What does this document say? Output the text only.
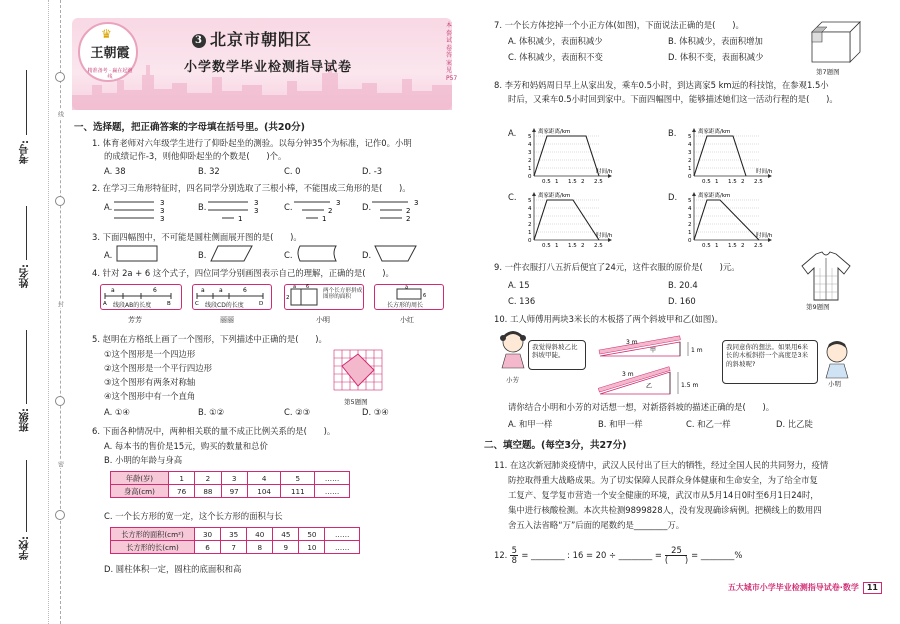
线
封
密
考号:
姓名:
班级:
学校:
本套试卷答案见P57
♛
王朝霞
精准备考 · 赢在起跑线
3 北京市朝阳区
小学数学毕业检测指导试卷
一、选择题，把正确答案的字母填在括号里。(共20分)
1. 体育老师对六年级学生进行了仰卧起坐的测验。以每分钟35个为标准，记作0。小明
的成绩记作-3，则他仰卧起坐的个数是(　　)个。
A. 38	B. 32	C. 0	D. -3
2. 在学习三角形特征时，四名同学分别选取了三根小棒，不能围成三角形的是(　　)。
A.	3
3
3
B.	3
3
1
C.	3
2
1
D.	3
2
2
3. 下面四幅图中，不可能是圆柱侧面展开图的是(　　)。
A.	B.	C.	D.
4. 针对 2a + 6 这个式子，四位同学分别画图表示自己的理解，正确的是(　　)。
a	6
A	B
线段AB的长度
a a	6
C	D
线段CD的长度
2
a 6
两个长方形拼成图形的面积
a
6
长方形的周长
芳芳	丽丽	小明	小红
5. 赵明在方格纸上画了一个图形，下列描述中正确的是(　　)。
①这个图形是一个四边形
②这个图形是一个平行四边形
③这个图形有两条对称轴
④这个图形中有一个直角
A. ①④	B. ①②	C. ②③	D. ③④
第5题图
6. 下面各种情况中，两种相关联的量不成正比例关系的是(　　)。
A. 每本书的售价是15元，购买的数量和总价
B. 小明的年龄与身高
年龄(岁)	1	2	3	4	5	……
身高(cm)	76	88	97	104	111	……
C. 一个长方形的宽一定，这个长方形的面积与长
长方形的面积(cm²)	30	35	40	45	50	……
长方形的长(cm)	6	7	8	9	10	……
D. 圆柱体积一定，圆柱的底面积和高
7. 一个长方体挖掉一个小正方体(如图)，下面说法正确的是(　　)。
A. 体积减少，表面积减少	B. 体积减少，表面积增加
C. 体积减少，表面积不变	D. 体积不变，表面积减少
第7题图
8. 李芳和妈妈周日早上从家出发，乘车0.5小时，到达离家5 km远的科技馆，在参观1.5小
时后，又乘车0.5小时回到家中。下面四幅图中，能够描述她们这一活动行程的是(　　)。
A. 5
4
3
2
1
0
0.5 1 1.5 2 2.5
离家距离/km
时间/h
B. 5
4
3
2
1
0
0.5 1 1.5 2 2.5
离家距离/km
时间/h
C. 5
4
3
2
1
0
0.5 1 1.5 2 2.5
离家距离/km
时间/h
D. 5
4
3
2
1
0
0.5 1 1.5 2 2.5
离家距离/km
时间/h
9. 一件衣服打八五折后便宜了24元，这件衣服的原价是(　　)元。
A. 15	B. 20.4
C. 136	D. 160
第9题图
10. 工人师傅用两块3米长的木板搭了两个斜坡甲和乙(如图)。
我觉得斜坡乙比斜坡甲陡。
小芳
3 m
甲	1 m
3 m
乙	1.5 m
我同意你的想法。如果用6米长的木板斜搭一个高度是3米的斜坡呢?
小明
请你结合小明和小芳的对话想一想，对新搭斜坡的描述正确的是(　　)。
A. 和甲一样	B. 和甲一样	C. 和乙一样	D. 比乙陡
二、填空题。(每空3分，共27分)
11. 在这次新冠肺炎疫情中，武汉人民付出了巨大的牺牲，经过全国人民的共同努力，疫情
防控取得重大战略成果。为了切实保障人民群众身体健康和生命安全，为了给全市复
工复产、复学复市营造一个安全健康的环境，武汉市从5月14日0时至6月1日24时，
集中进行核酸检测。本次共检测9899828人，没有发现确诊病例。把横线上的数用四
舍五入法省略“万”后面的尾数约是________万。
12.
5
8 = ________ : 16 = 20 ÷ ________ =
25
(　　) = ________%
五大城市小学毕业检测指导试卷·数学 11
